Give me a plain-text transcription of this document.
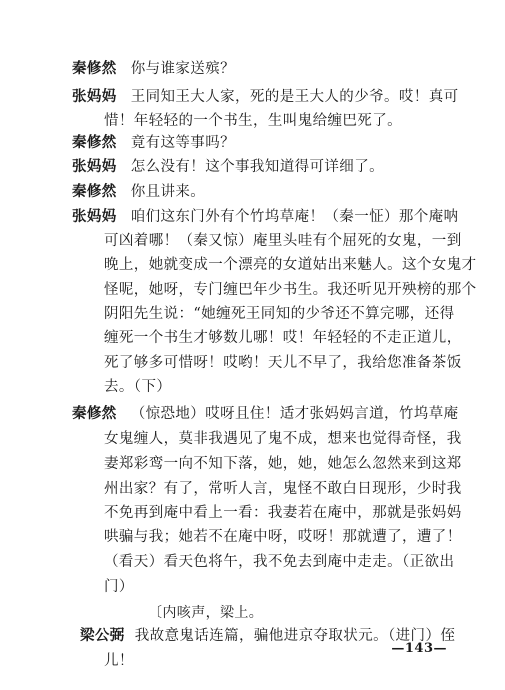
秦修然 你与谁家送殡？
张妈妈 王同知王大人家，死的是王大人的少爷。哎！真可
惜！年轻轻的一个书生，生叫鬼给缠巴死了。
秦修然 竟有这等事吗？
张妈妈 怎么没有！这个事我知道得可详细了。
秦修然 你且讲来。
张妈妈 咱们这东门外有个竹坞草庵！（秦一怔）那个庵呐
可凶着哪！（秦又惊）庵里头哇有个屈死的女鬼，一到
晚上，她就变成一个漂亮的女道姑出来魅人。这个女鬼才
怪呢，她呀，专门缠巴年少书生。我还听见开殃榜的那个
阴阳先生说：“她缠死王同知的少爷还不算完哪，还得
缠死一个书生才够数儿哪！哎！年轻轻的不走正道儿，
死了够多可惜呀！哎哟！天儿不早了，我给您准备茶饭
去。（下）
秦修然 （惊恐地）哎呀且住！适才张妈妈言道，竹坞草庵
女鬼缠人，莫非我遇见了鬼不成，想来也觉得奇怪，我
妻郑彩鸾一向不知下落，她，她，她怎么忽然来到这郑
州出家？有了，常听人言，鬼怪不敢白日现形，少时我
不免再到庵中看上一看：我妻若在庵中，那就是张妈妈
哄骗与我；她若不在庵中呀，哎呀！那就遭了，遭了！
（看天）看天色将午，我不免去到庵中走走。（正欲出
门）
〔内咳声，梁上。
梁公弼 我故意鬼话连篇，骗他进京夺取状元。（进门）侄
儿！
—143—
